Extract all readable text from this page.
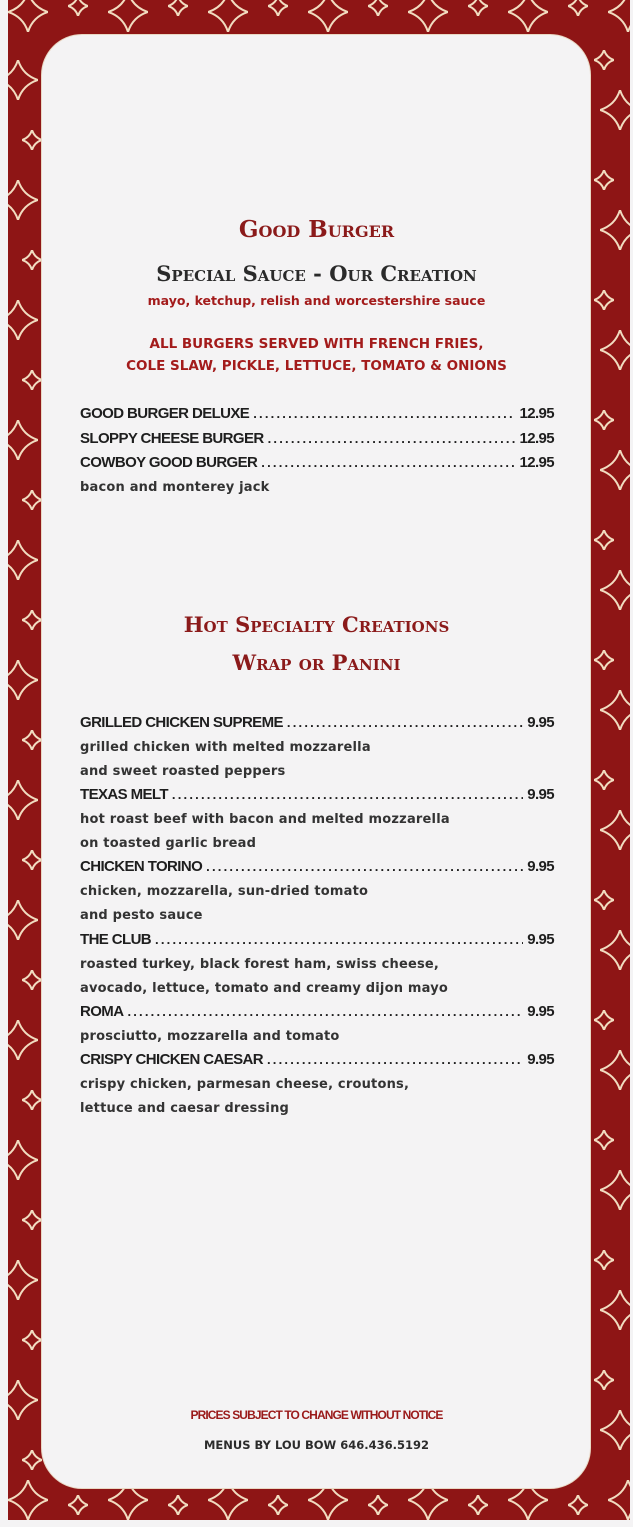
Good Burger
Special Sauce - Our Creation
mayo, ketchup, relish and worcestershire sauce
ALL BURGERS SERVED WITH FRENCH FRIES,
COLE SLAW, PICKLE, LETTUCE, TOMATO & ONIONS
GOOD BURGER DELUXE .....	12.95
SLOPPY CHEESE BURGER .....	12.95
COWBOY GOOD BURGER .....	12.95
bacon and monterey jack
Hot Specialty Creations
Wrap or Panini
GRILLED CHICKEN SUPREME .....	9.95
grilled chicken with melted mozzarella
and sweet roasted peppers
TEXAS MELT .....	9.95
hot roast beef with bacon and melted mozzarella
on toasted garlic bread
CHICKEN TORINO .....	9.95
chicken, mozzarella, sun-dried tomato
and pesto sauce
THE CLUB .....	9.95
roasted turkey, black forest ham, swiss cheese,
avocado, lettuce, tomato and creamy dijon mayo
ROMA .....	9.95
prosciutto, mozzarella and tomato
CRISPY CHICKEN CAESAR .....	9.95
crispy chicken, parmesan cheese, croutons,
lettuce and caesar dressing
PRICES SUBJECT TO CHANGE WITHOUT NOTICE
MENUS BY LOU BOW 646.436.5192
